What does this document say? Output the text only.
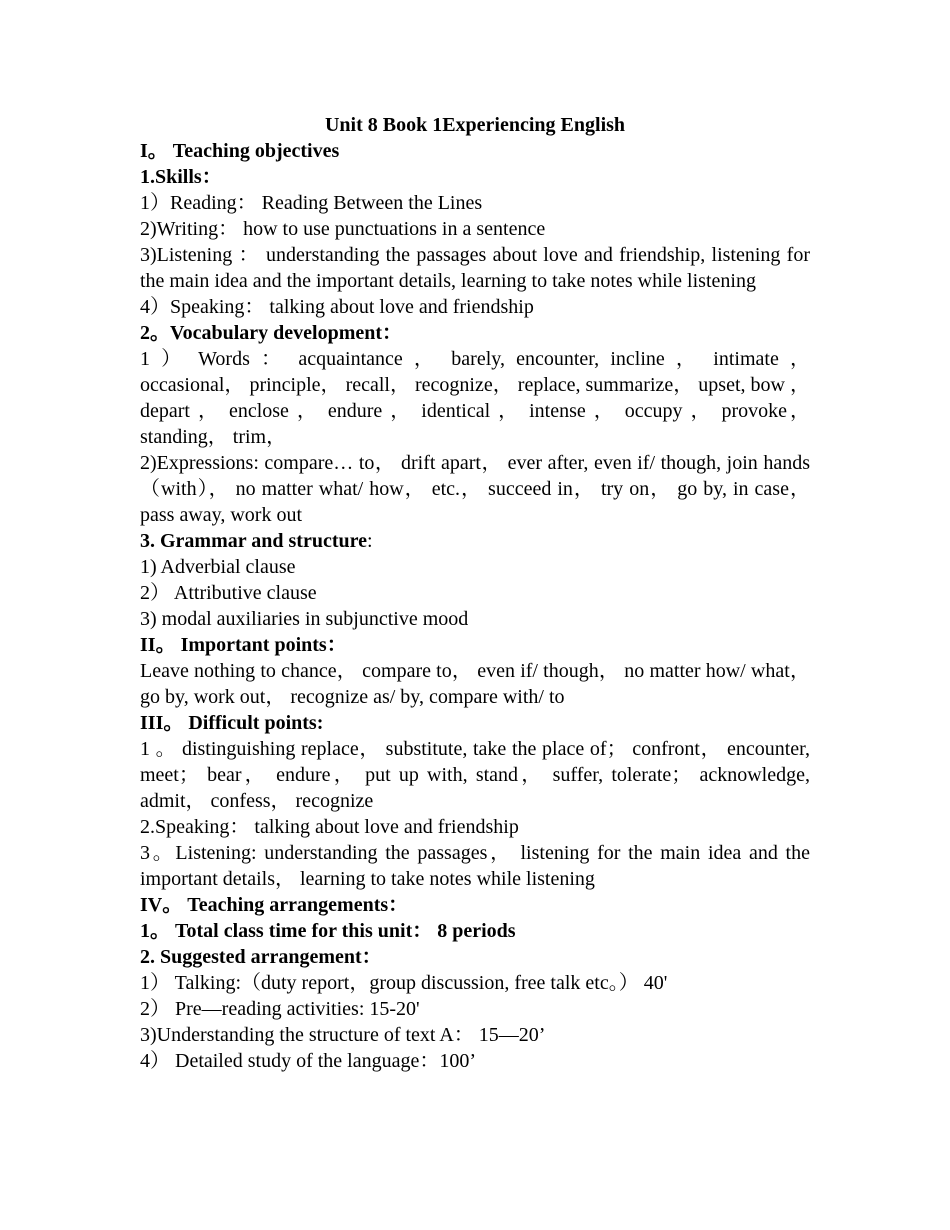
Unit 8 Book 1Experiencing English
I。 Teaching objectives
1.Skills：
1）Reading： Reading Between the Lines
2)Writing： how to use punctuations in a sentence
3)Listening ： understanding the passages about love and friendship, listening for the main idea and the important details, learning to take notes while listening
4）Speaking： talking about love and friendship
2。Vocabulary development：
1 ） Words ： acquaintance ， barely, encounter, incline ， intimate ， occasional， principle， recall， recognize， replace, summarize， upset, bow ， depart ， enclose ， endure ， identical ， intense ， occupy ， provoke， standing， trim，
2)Expressions: compare… to， drift apart， ever after, even if/ though, join hands （with）， no matter what/ how， etc.， succeed in， try on， go by, in case， pass away, work out
3. Grammar and structure:
1) Adverbial clause
2） Attributive clause
3) modal auxiliaries in subjunctive mood
II。 Important points：
Leave nothing to chance， compare to， even if/ though， no matter how/ what， go by, work out， recognize as/ by, compare with/ to
III。 Difficult points:
1 。 distinguishing replace， substitute, take the place of； confront， encounter, meet； bear， endure， put up with, stand， suffer, tolerate； acknowledge, admit， confess， recognize
2.Speaking： talking about love and friendship
3。Listening: understanding the passages， listening for the main idea and the important details， learning to take notes while listening
IV。 Teaching arrangements：
1。 Total class time for this unit： 8 periods
2. Suggested arrangement：
1） Talking:（duty report，group discussion, free talk etc。） 40'
2） Pre—reading activities: 15-20'
3)Understanding the structure of text A： 15—20’
4） Detailed study of the language：100’
